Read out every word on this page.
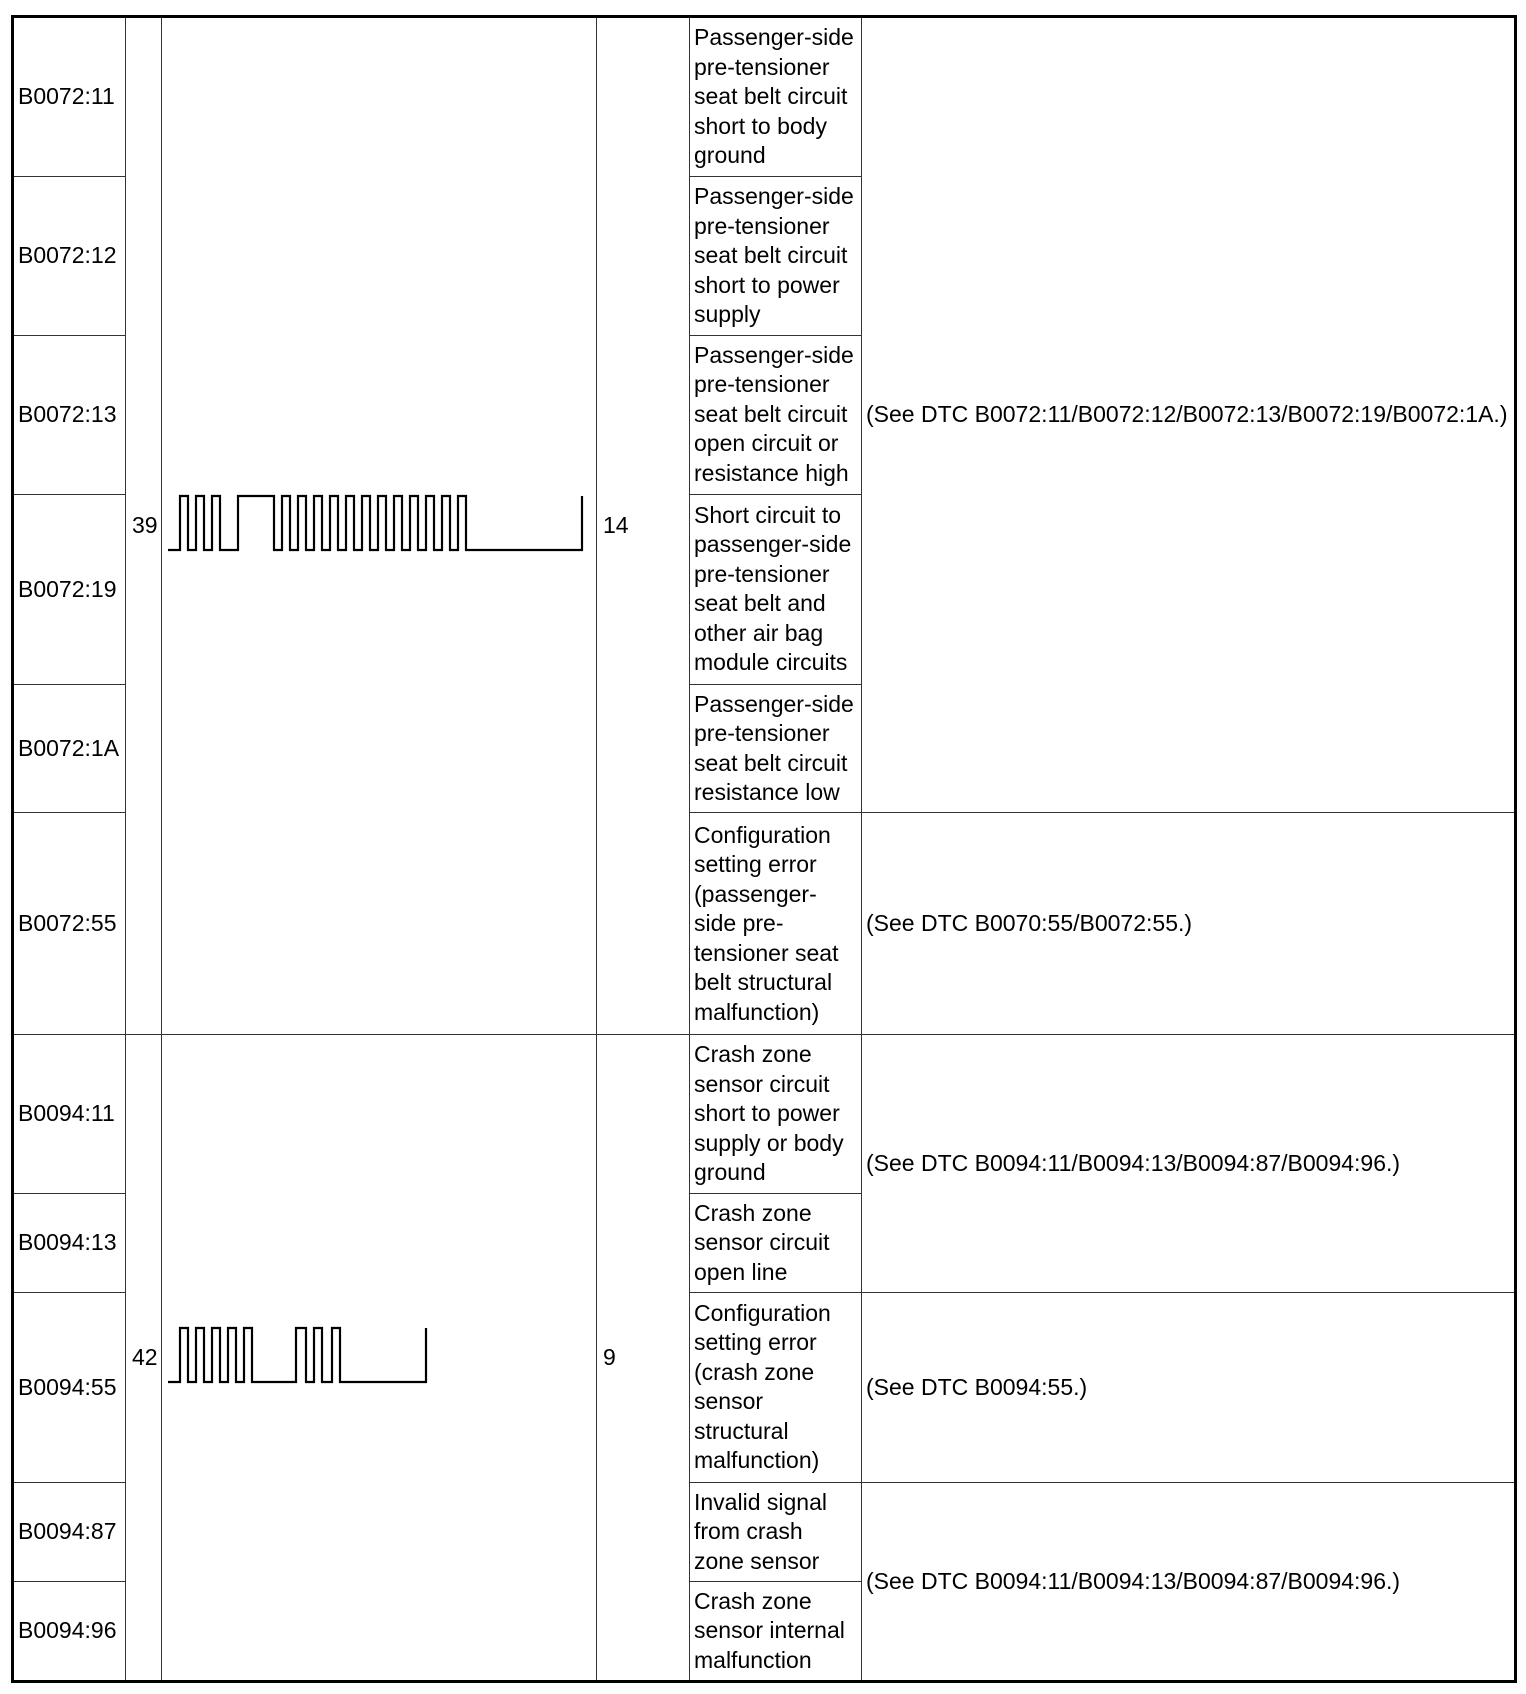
B0072:11	39		14	Passenger-side pre-tensioner seat belt circuit short to body ground	(See DTC B0072:11/B0072:12/B0072:13/B0072:19/B0072:1A.)
B0072:12				Passenger-side pre-tensioner seat belt circuit short to power supply	
B0072:13				Passenger-side pre-tensioner seat belt circuit open circuit or resistance high	
B0072:19				Short circuit to passenger-side pre-tensioner seat belt and other air bag module circuits	
B0072:1A				Passenger-side pre-tensioner seat belt circuit resistance low	
B0072:55				Configuration setting error (passenger-side pre-tensioner seat belt structural malfunction)	(See DTC B0070:55/B0072:55.)
B0094:11	42		9	Crash zone sensor circuit short to power supply or body ground	(See DTC B0094:11/B0094:13/B0094:87/B0094:96.)
B0094:13				Crash zone sensor circuit open line	
B0094:55				Configuration setting error (crash zone sensor structural malfunction)	(See DTC B0094:55.)
B0094:87				Invalid signal from crash zone sensor	(See DTC B0094:11/B0094:13/B0094:87/B0094:96.)
B0094:96				Crash zone sensor internal malfunction	
